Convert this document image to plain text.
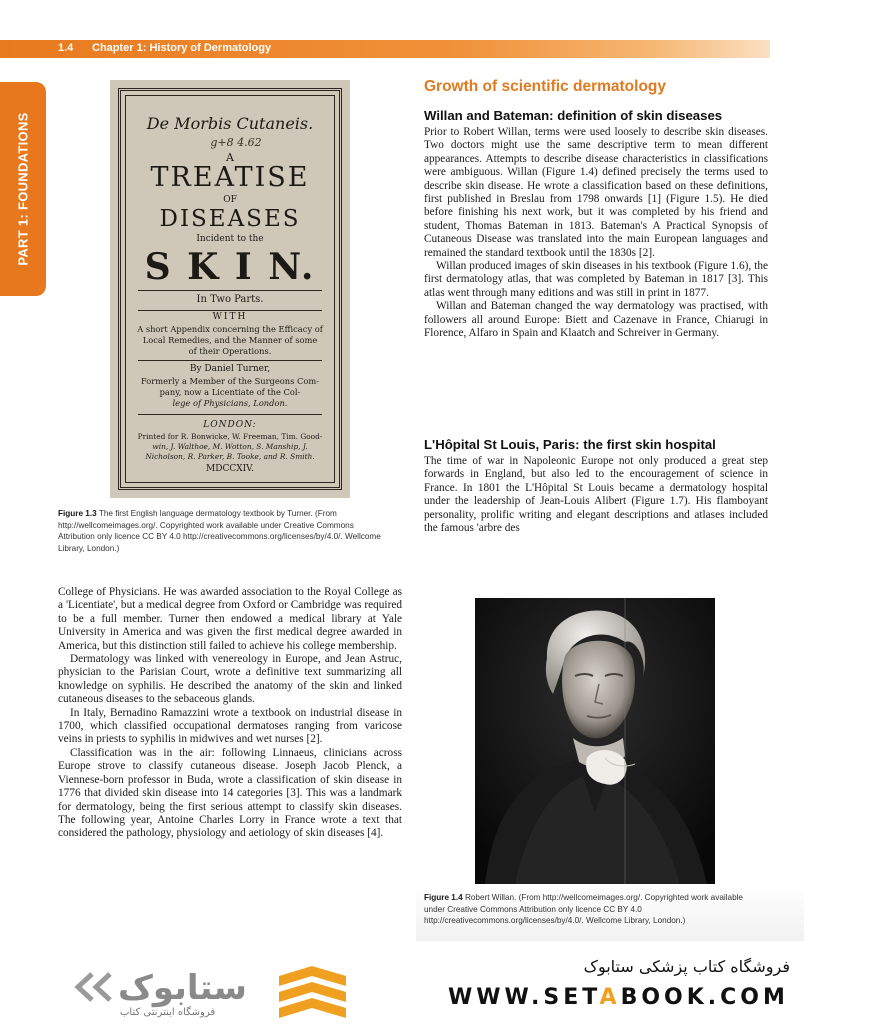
1.4 Chapter 1: History of Dermatology
PART 1: FOUNDATIONS	De Morbis Cutaneis.
g+8 4.62
A
TREATISE
OF
DISEASES
Incident to the
S K I N.
In Two Parts.
WITH
A short Appendix concerning the Efficacy of
Local Remedies, and the Manner of some
of their Operations.
By Daniel Turner,
Formerly a Member of the Surgeons Com-
pany, now a Licentiate of the Col-
lege of Physicians, London.
LONDON:
Printed for R. Bonwicke, W. Freeman, Tim. Good-
win, J. Walthoe, M. Wotton, S. Manship, J.
Nicholson, R. Parker, B. Tooke, and R. Smith.
MDCCXIV.
Figure 1.3 The first English language dermatology textbook by Turner. (From http://wellcomeimages.org/. Copyrighted work available under Creative Commons Attribution only licence CC BY 4.0 http://creativecommons.org/licenses/by/4.0/. Wellcome Library, London.)
Growth of scientific dermatology
Willan and Bateman: definition of skin diseases

Prior to Robert Willan, terms were used loosely to describe skin diseases. Two doctors might use the same descriptive term to mean different appearances. Attempts to describe disease characteristics in classifications were ambiguous. Willan (Figure 1.4) defined precisely the terms used to describe skin disease. He wrote a classification based on these definitions, first published in Breslau from 1798 onwards [1] (Figure 1.5). He died before finishing his next work, but it was completed by his friend and student, Thomas Bateman in 1813. Bateman's A Practical Synopsis of Cutaneous Disease was translated into the main European languages and remained the standard textbook until the 1830s [2].

Willan produced images of skin diseases in his textbook (Figure 1.6), the first dermatology atlas, that was completed by Bateman in 1817 [3]. This atlas went through many editions and was still in print in 1877.

Willan and Bateman changed the way dermatology was practised, with followers all around Europe: Biett and Cazenave in France, Chiarugi in Florence, Alfaro in Spain and Klaatch and Schreiver in Germany.

L'Hôpital St Louis, Paris: the first skin hospital

The time of war in Napoleonic Europe not only produced a great step forwards in England, but also led to the encouragement of science in France. In 1801 the L'Hôpital St Louis became a dermatology hospital under the leadership of Jean-Louis Alibert (Figure 1.7). His flamboyant personality, prolific writing and elegant descriptions and atlases included the famous 'arbre des

College of Physicians. He was awarded association to the Royal College as a 'Licentiate', but a medical degree from Oxford or Cambridge was required to be a full member. Turner then endowed a medical library at Yale University in America and was given the first medical degree awarded in America, but this distinction still failed to achieve his college membership.

Dermatology was linked with venereology in Europe, and Jean Astruc, physician to the Parisian Court, wrote a definitive text summarizing all knowledge on syphilis. He described the anatomy of the skin and linked cutaneous diseases to the sebaceous glands.

In Italy, Bernadino Ramazzini wrote a textbook on industrial disease in 1700, which classified occupational dermatoses ranging from varicose veins in priests to syphilis in midwives and wet nurses [2].

Classification was in the air: following Linnaeus, clinicians across Europe strove to classify cutaneous disease. Joseph Jacob Plenck, a Viennese-born professor in Buda, wrote a classification of skin disease in 1776 that divided skin disease into 14 categories [3]. This was a landmark for dermatology, being the first serious attempt to classify skin diseases. The following year, Antoine Charles Lorry in France wrote a text that considered the pathology, physiology and aetiology of skin diseases [4].

Figure 1.4 Robert Willan. (From http://wellcomeimages.org/. Copyrighted work available under Creative Commons Attribution only licence CC BY 4.0 http://creativecommons.org/licenses/by/4.0/. Wellcome Library, London.)
ستابوک
فروشگاه اینترنتی کتاب
فروشگاه کتاب پزشکی ستابوک
WWW.SETABOOK.COM
